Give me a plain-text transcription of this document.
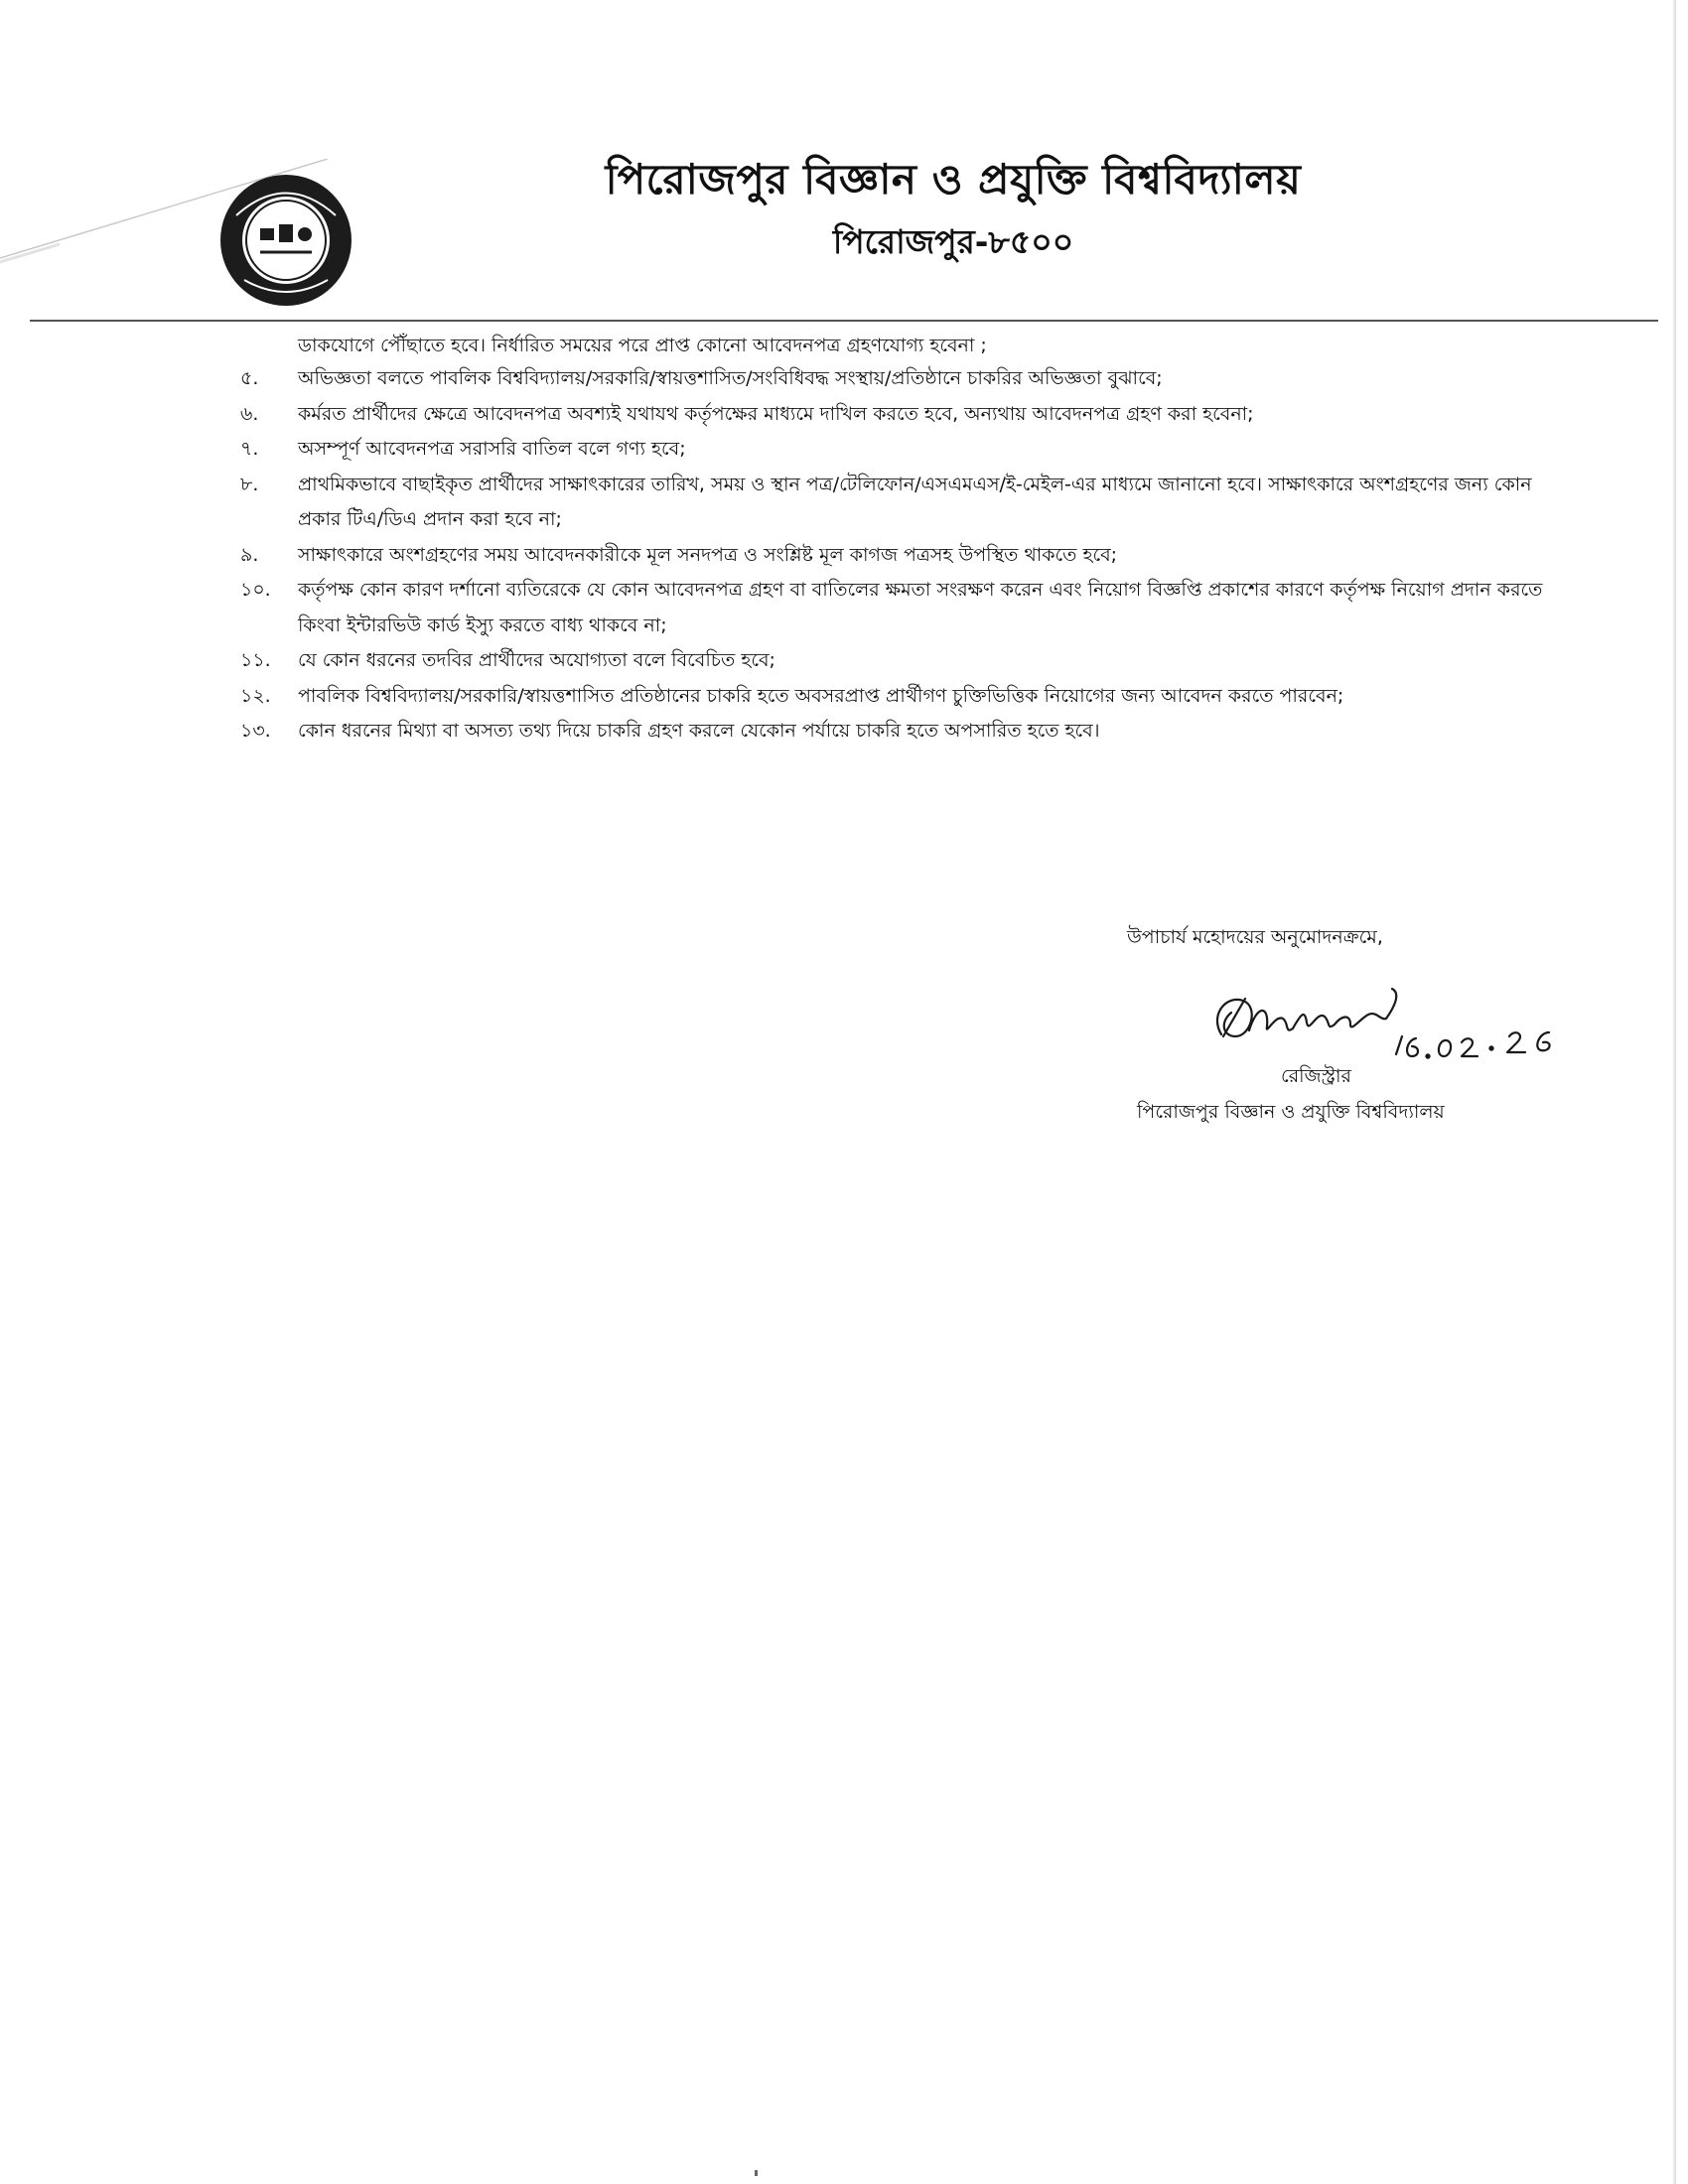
পিরোজপুর বিজ্ঞান ও প্রযুক্তি বিশ্ববিদ্যালয়
পিরোজপুর-৮৫০০
ডাকযোগে পৌঁছাতে হবে। নির্ধারিত সময়ের পরে প্রাপ্ত কোনো আবেদনপত্র গ্রহণযোগ্য হবেনা ;
৫.	অভিজ্ঞতা বলতে পাবলিক বিশ্ববিদ্যালয়/সরকারি/স্বায়ত্তশাসিত/সংবিধিবদ্ধ সংস্থায়/প্রতিষ্ঠানে চাকরির অভিজ্ঞতা বুঝাবে;
৬.	কর্মরত প্রার্থীদের ক্ষেত্রে আবেদনপত্র অবশ্যই যথাযথ কর্তৃপক্ষের মাধ্যমে দাখিল করতে হবে, অন্যথায় আবেদনপত্র গ্রহণ করা হবেনা;
৭.	অসম্পূর্ণ আবেদনপত্র সরাসরি বাতিল বলে গণ্য হবে;
৮.	প্রাথমিকভাবে বাছাইকৃত প্রার্থীদের সাক্ষাৎকারের তারিখ, সময় ও স্থান পত্র/টেলিফোন/এসএমএস/ই-মেইল-এর মাধ্যমে জানানো হবে। সাক্ষাৎকারে অংশগ্রহণের জন্য কোন প্রকার টিএ/ডিএ প্রদান করা হবে না;
৯.	সাক্ষাৎকারে অংশগ্রহণের সময় আবেদনকারীকে মূল সনদপত্র ও সংশ্লিষ্ট মূল কাগজ পত্রসহ উপস্থিত থাকতে হবে;
১০.	কর্তৃপক্ষ কোন কারণ দর্শানো ব্যতিরেকে যে কোন আবেদনপত্র গ্রহণ বা বাতিলের ক্ষমতা সংরক্ষণ করেন এবং নিয়োগ বিজ্ঞপ্তি প্রকাশের কারণে কর্তৃপক্ষ নিয়োগ প্রদান করতে কিংবা ইন্টারভিউ কার্ড ইস্যু করতে বাধ্য থাকবে না;
১১.	যে কোন ধরনের তদবির প্রার্থীদের অযোগ্যতা বলে বিবেচিত হবে;
১২.	পাবলিক বিশ্ববিদ্যালয়/সরকারি/স্বায়ত্তশাসিত প্রতিষ্ঠানের চাকরি হতে অবসরপ্রাপ্ত প্রার্থীগণ চুক্তিভিত্তিক নিয়োগের জন্য আবেদন করতে পারবেন;
১৩.	কোন ধরনের মিথ্যা বা অসত্য তথ্য দিয়ে চাকরি গ্রহণ করলে যেকোন পর্যায়ে চাকরি হতে অপসারিত হতে হবে।
উপাচার্য মহোদয়ের অনুমোদনক্রমে,
রেজিস্ট্রার
পিরোজপুর বিজ্ঞান ও প্রযুক্তি বিশ্ববিদ্যালয়
